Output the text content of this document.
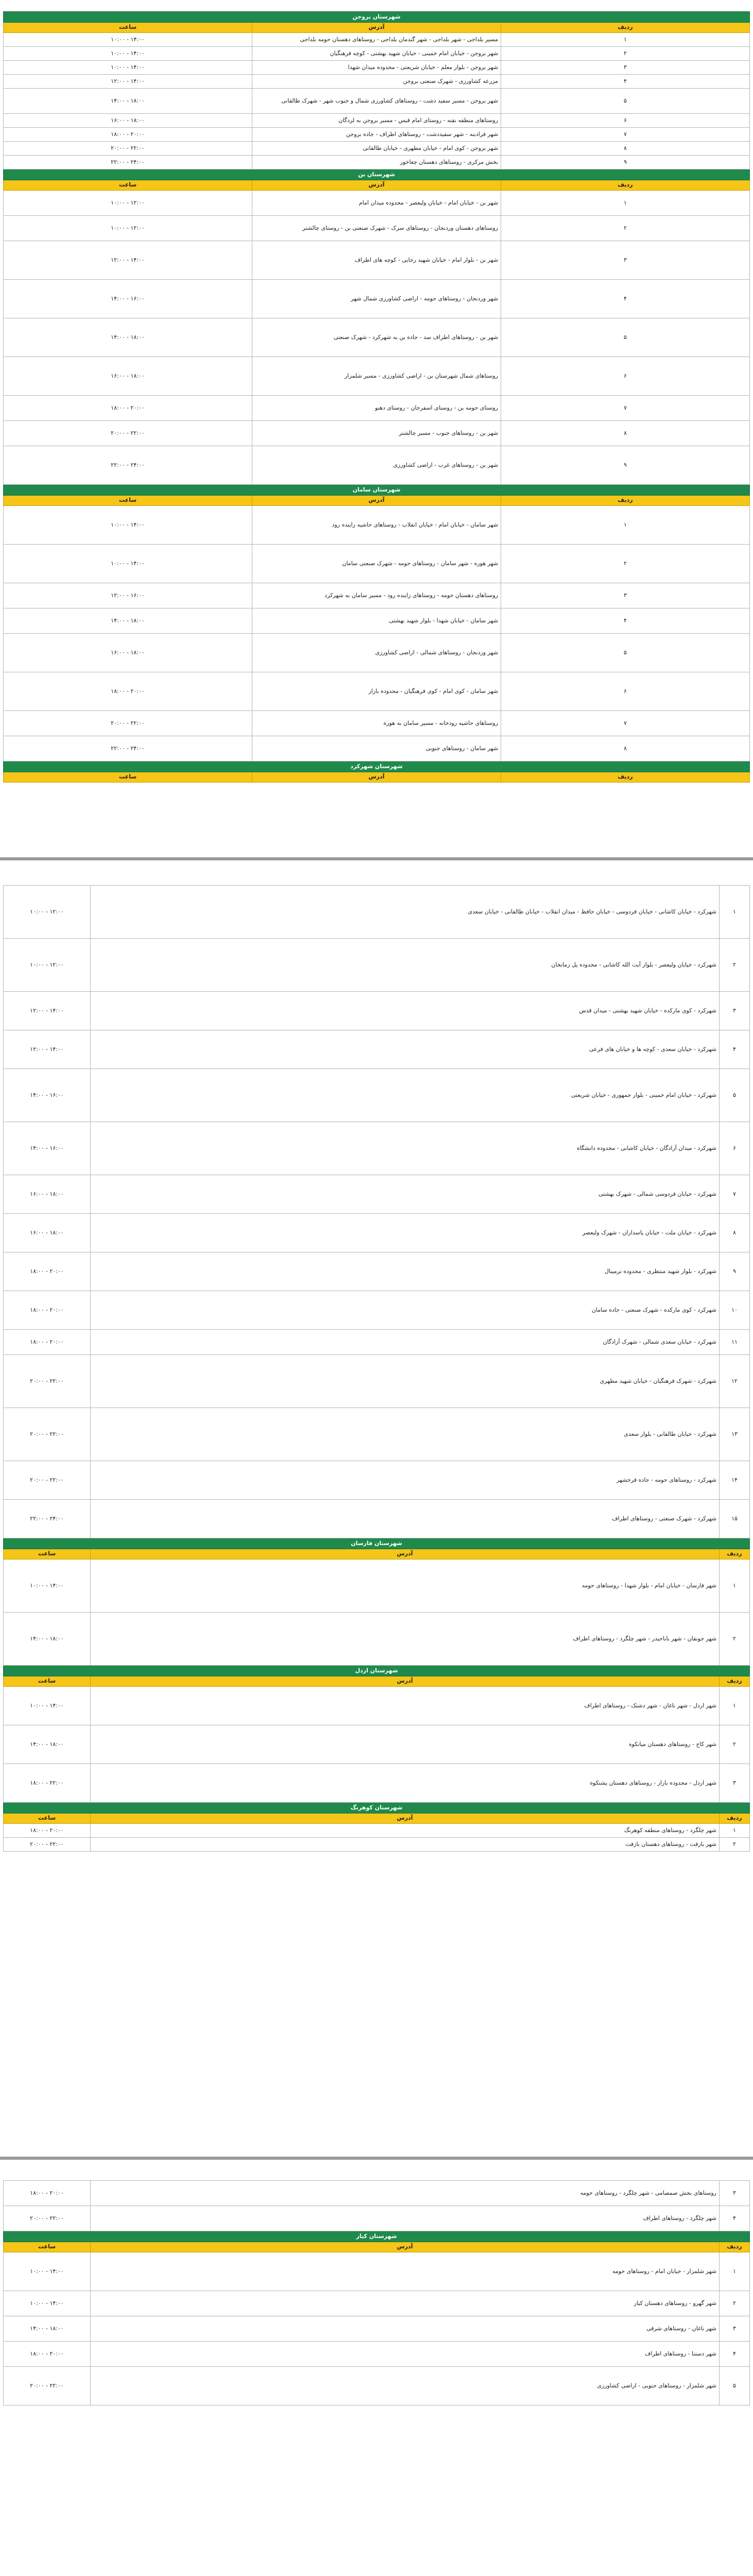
شهرستان بروجن		
ردیف	آدرس	ساعت
۱	مسیر بلداجی - شهر بلداجی - شهر گندمان بلداجی - روستاهای دهستان حومه بلداجی	۱۰:۰۰ - ۱۴:۰۰
۲	شهر بروجن - خیابان امام خمینی - خیابان شهید بهشتی - کوچه فرهنگیان	۱۰:۰۰ - ۱۴:۰۰
۳	شهر بروجن - بلوار معلم - خیابان شریعتی - محدوده میدان شهدا	۱۰:۰۰ - ۱۴:۰۰
۴	مزرعه کشاورزی - شهرک صنعتی بروجن	۱۲:۰۰ - ۱۴:۰۰
۵	شهر بروجن - مسیر سفید دشت - روستاهای کشاورزی شمال و جنوب شهر - شهرک طالقانی	۱۴:۰۰ - ۱۸:۰۰
۶	روستاهای منطقه نقنه - روستای امام قیس - مسیر بروجن به لردگان	۱۶:۰۰ - ۱۸:۰۰
۷	شهر فرادبنه - شهر سفیددشت - روستاهای اطراف - جاده بروجن	۱۸:۰۰ - ۲۰:۰۰
۸	شهر بروجن - کوی امام - خیابان مطهری - خیابان طالقانی	۲۰:۰۰ - ۲۲:۰۰
۹	بخش مرکزی - روستاهای دهستان چغاخور	۲۲:۰۰ - ۲۴:۰۰
شهرستان بن		
ردیف	آدرس	ساعت
۱	شهر بن - خیابان امام - خیابان ولیعصر - محدوده میدان امام	۱۰:۰۰ - ۱۲:۰۰
۲	روستاهای دهستان وردنجان - روستاهای سرک - شهرک صنعتی بن - روستای چالشتر	۱۰:۰۰ - ۱۲:۰۰
۳	شهر بن - بلوار امام - خیابان شهید رجایی - کوچه های اطراف	۱۲:۰۰ - ۱۴:۰۰
۴	شهر وردنجان - روستاهای حومه - اراضی کشاورزی شمال شهر	۱۴:۰۰ - ۱۶:۰۰
۵	شهر بن - روستاهای اطراف سد - جاده بن به شهرکرد - شهرک صنعتی	۱۴:۰۰ - ۱۸:۰۰
۶	روستاهای شمال شهرستان بن - اراضی کشاورزی - مسیر شلمزار	۱۶:۰۰ - ۱۸:۰۰
۷	روستای حومه بن - روستای اسفرجان - روستای دهنو	۱۸:۰۰ - ۲۰:۰۰
۸	شهر بن - روستاهای جنوب - مسیر چالشتر	۲۰:۰۰ - ۲۲:۰۰
۹	شهر بن - روستاهای غرب - اراضی کشاورزی	۲۲:۰۰ - ۲۴:۰۰
شهرستان سامان		
ردیف	آدرس	ساعت
۱	شهر سامان - خیابان امام - خیابان انقلاب - روستاهای حاشیه زاینده رود	۱۰:۰۰ - ۱۴:۰۰
۲	شهر هوره - شهر سامان - روستاهای حومه - شهرک صنعتی سامان	۱۰:۰۰ - ۱۴:۰۰
۳	روستاهای دهستان حومه - روستاهای زاینده رود - مسیر سامان به شهرکرد	۱۲:۰۰ - ۱۶:۰۰
۴	شهر سامان - خیابان شهدا - بلوار شهید بهشتی	۱۴:۰۰ - ۱۸:۰۰
۵	شهر وردنجان - روستاهای شمالی - اراضی کشاورزی	۱۶:۰۰ - ۱۸:۰۰
۶	شهر سامان - کوی امام - کوی فرهنگیان - محدوده بازار	۱۸:۰۰ - ۲۰:۰۰
۷	روستاهای حاشیه رودخانه - مسیر سامان به هوره	۲۰:۰۰ - ۲۲:۰۰
۸	شهر سامان - روستاهای جنوبی	۲۲:۰۰ - ۲۴:۰۰
شهرستان شهرکرد		
ردیف	آدرس	ساعت
۱	شهرکرد - خیابان کاشانی - خیابان فردوسی - خیابان حافظ - میدان انقلاب - خیابان طالقانی - خیابان سعدی	۱۰:۰۰ - ۱۲:۰۰
۲	شهرکرد - خیابان ولیعصر - بلوار آیت الله کاشانی - محدوده پل زمانخان	۱۰:۰۰ - ۱۲:۰۰
۳	شهرکرد - کوی مارکده - خیابان شهید بهشتی - میدان قدس	۱۲:۰۰ - ۱۴:۰۰
۴	شهرکرد - خیابان سعدی - کوچه ها و خیابان های فرعی	۱۲:۰۰ - ۱۴:۰۰
۵	شهرکرد - خیابان امام خمینی - بلوار جمهوری - خیابان شریعتی	۱۴:۰۰ - ۱۶:۰۰
۶	شهرکرد - میدان آزادگان - خیابان کاشانی - محدوده دانشگاه	۱۴:۰۰ - ۱۶:۰۰
۷	شهرکرد - خیابان فردوسی شمالی - شهرک بهشتی	۱۶:۰۰ - ۱۸:۰۰
۸	شهرکرد - خیابان ملت - خیابان پاسداران - شهرک ولیعصر	۱۶:۰۰ - ۱۸:۰۰
۹	شهرکرد - بلوار شهید منتظری - محدوده ترمینال	۱۸:۰۰ - ۲۰:۰۰
۱۰	شهرکرد - کوی مارکده - شهرک صنعتی - جاده سامان	۱۸:۰۰ - ۲۰:۰۰
۱۱	شهرکرد - خیابان سعدی شمالی - شهرک آزادگان	۱۸:۰۰ - ۲۰:۰۰
۱۲	شهرکرد - شهرک فرهنگیان - خیابان شهید مطهری	۲۰:۰۰ - ۲۲:۰۰
۱۳	شهرکرد - خیابان طالقانی - بلوار سعدی	۲۰:۰۰ - ۲۲:۰۰
۱۴	شهرکرد - روستاهای حومه - جاده فرخشهر	۲۰:۰۰ - ۲۲:۰۰
۱۵	شهرکرد - شهرک صنعتی - روستاهای اطراف	۲۲:۰۰ - ۲۴:۰۰
شهرستان فارسان		
ردیف	آدرس	ساعت
۱	شهر فارسان - خیابان امام - بلوار شهدا - روستاهای حومه	۱۰:۰۰ - ۱۴:۰۰
۲	شهر جونقان - شهر باباحیدر - شهر چلگرد - روستاهای اطراف	۱۴:۰۰ - ۱۸:۰۰
شهرستان اردل		
ردیف	آدرس	ساعت
۱	شهر اردل - شهر ناغان - شهر دشتک - روستاهای اطراف	۱۰:۰۰ - ۱۴:۰۰
۲	شهر کاج - روستاهای دهستان میانکوه	۱۴:۰۰ - ۱۸:۰۰
۳	شهر اردل - محدوده بازار - روستاهای دهستان پشتکوه	۱۸:۰۰ - ۲۲:۰۰
شهرستان کوهرنگ		
ردیف	آدرس	ساعت
۱	شهر چلگرد - روستاهای منطقه کوهرنگ	۱۸:۰۰ - ۲۰:۰۰
۲	شهر بازفت - روستاهای دهستان بازفت	۲۰:۰۰ - ۲۲:۰۰
۳	روستاهای بخش صمصامی - شهر چلگرد - روستاهای حومه	۱۸:۰۰ - ۲۰:۰۰
۴	شهر چلگرد - روستاهای اطراف	۲۰:۰۰ - ۲۲:۰۰
شهرستان کیار		
ردیف	آدرس	ساعت
۱	شهر شلمزار - خیابان امام - روستاهای حومه	۱۰:۰۰ - ۱۴:۰۰
۲	شهر گهرو - روستاهای دهستان کیار	۱۰:۰۰ - ۱۴:۰۰
۳	شهر ناغان - روستاهای شرقی	۱۴:۰۰ - ۱۸:۰۰
۴	شهر دستنا - روستاهای اطراف	۱۸:۰۰ - ۲۰:۰۰
۵	شهر شلمزار - روستاهای جنوبی - اراضی کشاورزی	۲۰:۰۰ - ۲۲:۰۰
